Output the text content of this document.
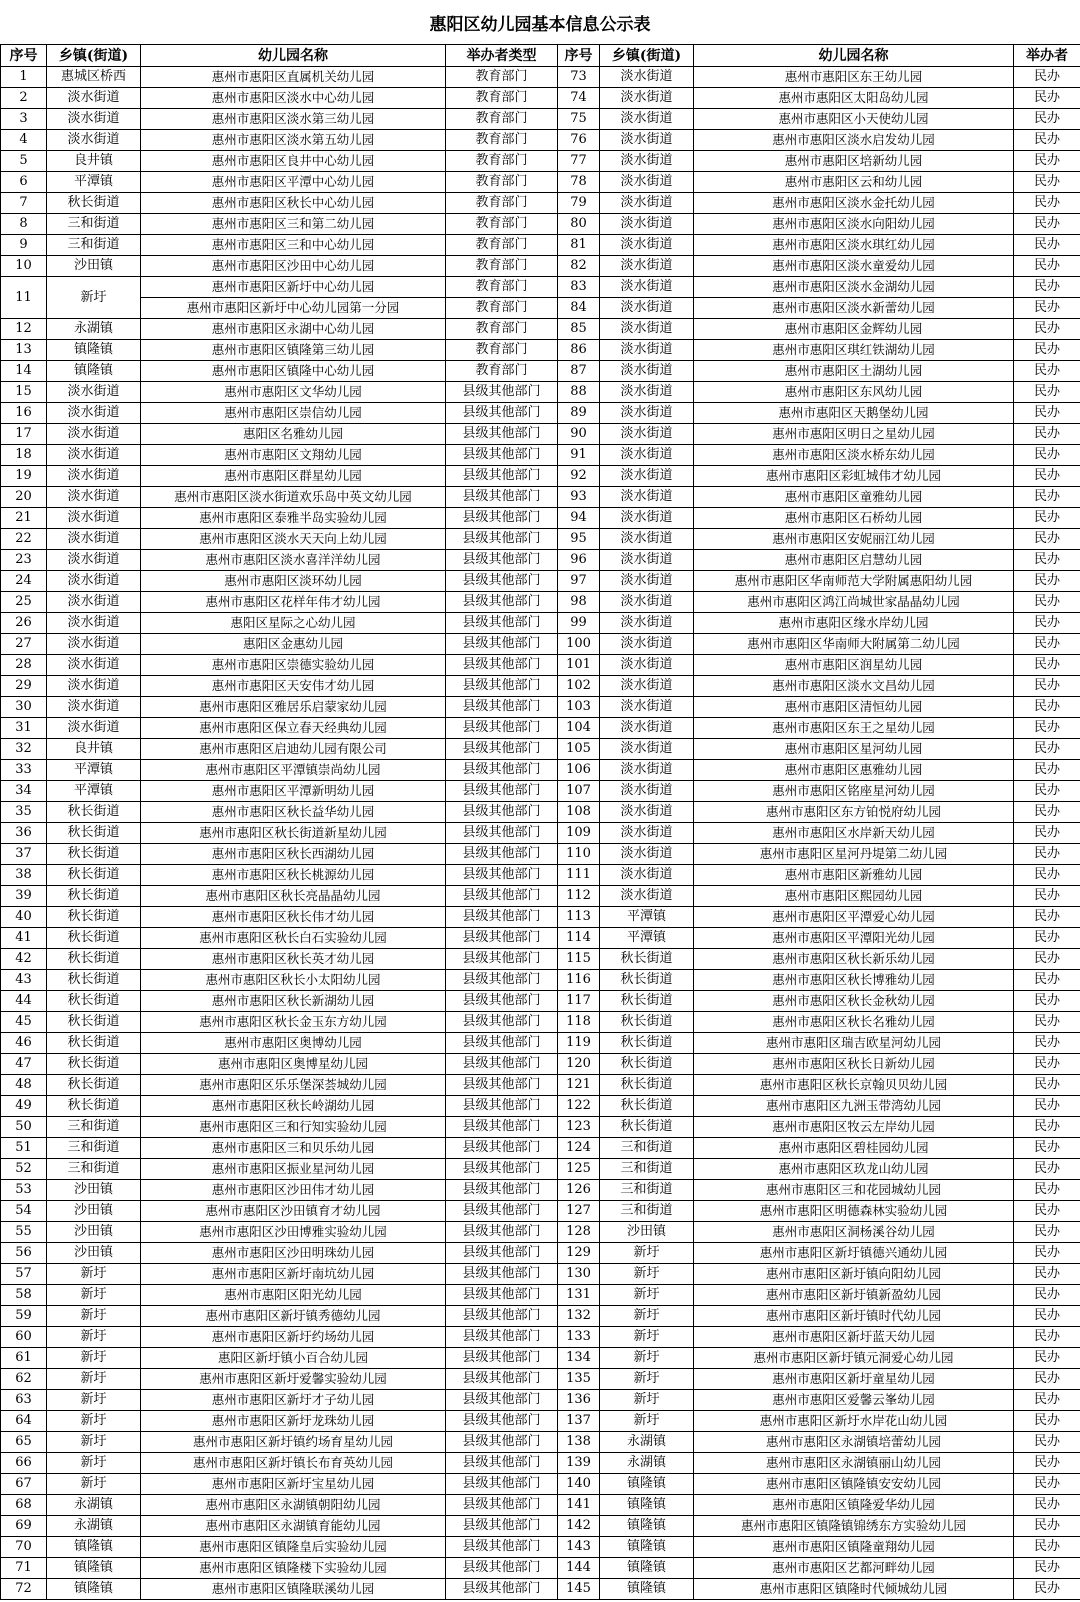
惠阳区幼儿园基本信息公示表
序号	乡镇(街道)	幼儿园名称	举办者类型	序号	乡镇(街道)	幼儿园名称	举办者
1	惠城区桥西	惠州市惠阳区直属机关幼儿园	教育部门	73	淡水街道	惠州市惠阳区东王幼儿园	民办
2	淡水街道	惠州市惠阳区淡水中心幼儿园	教育部门	74	淡水街道	惠州市惠阳区太阳岛幼儿园	民办
3	淡水街道	惠州市惠阳区淡水第三幼儿园	教育部门	75	淡水街道	惠州市惠阳区小天使幼儿园	民办
4	淡水街道	惠州市惠阳区淡水第五幼儿园	教育部门	76	淡水街道	惠州市惠阳区淡水启发幼儿园	民办
5	良井镇	惠州市惠阳区良井中心幼儿园	教育部门	77	淡水街道	惠州市惠阳区培新幼儿园	民办
6	平潭镇	惠州市惠阳区平潭中心幼儿园	教育部门	78	淡水街道	惠州市惠阳区云和幼儿园	民办
7	秋长街道	惠州市惠阳区秋长中心幼儿园	教育部门	79	淡水街道	惠州市惠阳区淡水金托幼儿园	民办
8	三和街道	惠州市惠阳区三和第二幼儿园	教育部门	80	淡水街道	惠州市惠阳区淡水向阳幼儿园	民办
9	三和街道	惠州市惠阳区三和中心幼儿园	教育部门	81	淡水街道	惠州市惠阳区淡水琪红幼儿园	民办
10	沙田镇	惠州市惠阳区沙田中心幼儿园	教育部门	82	淡水街道	惠州市惠阳区淡水童爱幼儿园	民办
11	新圩	惠州市惠阳区新圩中心幼儿园	教育部门	83	淡水街道	惠州市惠阳区淡水金湖幼儿园	民办
		惠州市惠阳区新圩中心幼儿园第一分园	教育部门	84	淡水街道	惠州市惠阳区淡水新蕾幼儿园	民办
12	永湖镇	惠州市惠阳区永湖中心幼儿园	教育部门	85	淡水街道	惠州市惠阳区金辉幼儿园	民办
13	镇隆镇	惠州市惠阳区镇隆第三幼儿园	教育部门	86	淡水街道	惠州市惠阳区琪红铁湖幼儿园	民办
14	镇隆镇	惠州市惠阳区镇隆中心幼儿园	教育部门	87	淡水街道	惠州市惠阳区土湖幼儿园	民办
15	淡水街道	惠州市惠阳区文华幼儿园	县级其他部门	88	淡水街道	惠州市惠阳区东风幼儿园	民办
16	淡水街道	惠州市惠阳区崇信幼儿园	县级其他部门	89	淡水街道	惠州市惠阳区天鹅堡幼儿园	民办
17	淡水街道	惠阳区名雅幼儿园	县级其他部门	90	淡水街道	惠州市惠阳区明日之星幼儿园	民办
18	淡水街道	惠州市惠阳区文翔幼儿园	县级其他部门	91	淡水街道	惠州市惠阳区淡水桥东幼儿园	民办
19	淡水街道	惠州市惠阳区群星幼儿园	县级其他部门	92	淡水街道	惠州市惠阳区彩虹城伟才幼儿园	民办
20	淡水街道	惠州市惠阳区淡水街道欢乐岛中英文幼儿园	县级其他部门	93	淡水街道	惠州市惠阳区童雅幼儿园	民办
21	淡水街道	惠州市惠阳区泰雅半岛实验幼儿园	县级其他部门	94	淡水街道	惠州市惠阳区石桥幼儿园	民办
22	淡水街道	惠州市惠阳区淡水天天向上幼儿园	县级其他部门	95	淡水街道	惠州市惠阳区安妮丽江幼儿园	民办
23	淡水街道	惠州市惠阳区淡水喜洋洋幼儿园	县级其他部门	96	淡水街道	惠州市惠阳区启慧幼儿园	民办
24	淡水街道	惠州市惠阳区淡环幼儿园	县级其他部门	97	淡水街道	惠州市惠阳区华南师范大学附属惠阳幼儿园	民办
25	淡水街道	惠州市惠阳区花样年伟才幼儿园	县级其他部门	98	淡水街道	惠州市惠阳区鸿江尚城世家晶晶幼儿园	民办
26	淡水街道	惠阳区星际之心幼儿园	县级其他部门	99	淡水街道	惠州市惠阳区缘水岸幼儿园	民办
27	淡水街道	惠阳区金惠幼儿园	县级其他部门	100	淡水街道	惠州市惠阳区华南师大附属第二幼儿园	民办
28	淡水街道	惠州市惠阳区崇德实验幼儿园	县级其他部门	101	淡水街道	惠州市惠阳区润星幼儿园	民办
29	淡水街道	惠州市惠阳区天安伟才幼儿园	县级其他部门	102	淡水街道	惠州市惠阳区淡水文昌幼儿园	民办
30	淡水街道	惠州市惠阳区雅居乐启蒙家幼儿园	县级其他部门	103	淡水街道	惠州市惠阳区清恒幼儿园	民办
31	淡水街道	惠州市惠阳区保立春天经典幼儿园	县级其他部门	104	淡水街道	惠州市惠阳区东王之星幼儿园	民办
32	良井镇	惠州市惠阳区启迪幼儿园有限公司	县级其他部门	105	淡水街道	惠州市惠阳区星河幼儿园	民办
33	平潭镇	惠州市惠阳区平潭镇崇尚幼儿园	县级其他部门	106	淡水街道	惠州市惠阳区惠雅幼儿园	民办
34	平潭镇	惠州市惠阳区平潭新明幼儿园	县级其他部门	107	淡水街道	惠州市惠阳区铭座星河幼儿园	民办
35	秋长街道	惠州市惠阳区秋长益华幼儿园	县级其他部门	108	淡水街道	惠州市惠阳区东方铂悦府幼儿园	民办
36	秋长街道	惠州市惠阳区秋长街道新星幼儿园	县级其他部门	109	淡水街道	惠州市惠阳区水岸新天幼儿园	民办
37	秋长街道	惠州市惠阳区秋长西湖幼儿园	县级其他部门	110	淡水街道	惠州市惠阳区星河丹堤第二幼儿园	民办
38	秋长街道	惠州市惠阳区秋长桃源幼儿园	县级其他部门	111	淡水街道	惠州市惠阳区新雅幼儿园	民办
39	秋长街道	惠州市惠阳区秋长亮晶晶幼儿园	县级其他部门	112	淡水街道	惠州市惠阳区熙园幼儿园	民办
40	秋长街道	惠州市惠阳区秋长伟才幼儿园	县级其他部门	113	平潭镇	惠州市惠阳区平潭爱心幼儿园	民办
41	秋长街道	惠州市惠阳区秋长白石实验幼儿园	县级其他部门	114	平潭镇	惠州市惠阳区平潭阳光幼儿园	民办
42	秋长街道	惠州市惠阳区秋长英才幼儿园	县级其他部门	115	秋长街道	惠州市惠阳区秋长新乐幼儿园	民办
43	秋长街道	惠州市惠阳区秋长小太阳幼儿园	县级其他部门	116	秋长街道	惠州市惠阳区秋长博雅幼儿园	民办
44	秋长街道	惠州市惠阳区秋长新湖幼儿园	县级其他部门	117	秋长街道	惠州市惠阳区秋长金秋幼儿园	民办
45	秋长街道	惠州市惠阳区秋长金玉东方幼儿园	县级其他部门	118	秋长街道	惠州市惠阳区秋长名雅幼儿园	民办
46	秋长街道	惠州市惠阳区奥博幼儿园	县级其他部门	119	秋长街道	惠州市惠阳区瑞吉欧星河幼儿园	民办
47	秋长街道	惠州市惠阳区奥博星幼儿园	县级其他部门	120	秋长街道	惠州市惠阳区秋长日新幼儿园	民办
48	秋长街道	惠州市惠阳区乐乐堡深荟城幼儿园	县级其他部门	121	秋长街道	惠州市惠阳区秋长京翰贝贝幼儿园	民办
49	秋长街道	惠州市惠阳区秋长岭湖幼儿园	县级其他部门	122	秋长街道	惠州市惠阳区九洲玉带湾幼儿园	民办
50	三和街道	惠州市惠阳区三和行知实验幼儿园	县级其他部门	123	秋长街道	惠州市惠阳区牧云左岸幼儿园	民办
51	三和街道	惠州市惠阳区三和贝乐幼儿园	县级其他部门	124	三和街道	惠州市惠阳区碧桂园幼儿园	民办
52	三和街道	惠州市惠阳区振业星河幼儿园	县级其他部门	125	三和街道	惠州市惠阳区玖龙山幼儿园	民办
53	沙田镇	惠州市惠阳区沙田伟才幼儿园	县级其他部门	126	三和街道	惠州市惠阳区三和花园城幼儿园	民办
54	沙田镇	惠州市惠阳区沙田镇育才幼儿园	县级其他部门	127	三和街道	惠州市惠阳区明德森林实验幼儿园	民办
55	沙田镇	惠州市惠阳区沙田博雅实验幼儿园	县级其他部门	128	沙田镇	惠州市惠阳区洞杨溪谷幼儿园	民办
56	沙田镇	惠州市惠阳区沙田明珠幼儿园	县级其他部门	129	新圩	惠州市惠阳区新圩镇德兴通幼儿园	民办
57	新圩	惠州市惠阳区新圩南坑幼儿园	县级其他部门	130	新圩	惠州市惠阳区新圩镇向阳幼儿园	民办
58	新圩	惠州市惠阳区阳光幼儿园	县级其他部门	131	新圩	惠州市惠阳区新圩镇新盈幼儿园	民办
59	新圩	惠州市惠阳区新圩镇秀德幼儿园	县级其他部门	132	新圩	惠州市惠阳区新圩镇时代幼儿园	民办
60	新圩	惠州市惠阳区新圩约场幼儿园	县级其他部门	133	新圩	惠州市惠阳区新圩蓝天幼儿园	民办
61	新圩	惠阳区新圩镇小百合幼儿园	县级其他部门	134	新圩	惠州市惠阳区新圩镇元洞爱心幼儿园	民办
62	新圩	惠州市惠阳区新圩爱馨实验幼儿园	县级其他部门	135	新圩	惠州市惠阳区新圩童星幼儿园	民办
63	新圩	惠州市惠阳区新圩才子幼儿园	县级其他部门	136	新圩	惠州市惠阳区爱馨云峯幼儿园	民办
64	新圩	惠州市惠阳区新圩龙珠幼儿园	县级其他部门	137	新圩	惠州市惠阳区新圩水岸花山幼儿园	民办
65	新圩	惠州市惠阳区新圩镇约场育星幼儿园	县级其他部门	138	永湖镇	惠州市惠阳区永湖镇培蕾幼儿园	民办
66	新圩	惠州市惠阳区新圩镇长布育英幼儿园	县级其他部门	139	永湖镇	惠州市惠阳区永湖镇丽山幼儿园	民办
67	新圩	惠州市惠阳区新圩宝星幼儿园	县级其他部门	140	镇隆镇	惠州市惠阳区镇隆镇安安幼儿园	民办
68	永湖镇	惠州市惠阳区永湖镇朝阳幼儿园	县级其他部门	141	镇隆镇	惠州市惠阳区镇隆爱华幼儿园	民办
69	永湖镇	惠州市惠阳区永湖镇育能幼儿园	县级其他部门	142	镇隆镇	惠州市惠阳区镇隆镇锦绣东方实验幼儿园	民办
70	镇隆镇	惠州市惠阳区镇隆皇后实验幼儿园	县级其他部门	143	镇隆镇	惠州市惠阳区镇隆童翔幼儿园	民办
71	镇隆镇	惠州市惠阳区镇隆楼下实验幼儿园	县级其他部门	144	镇隆镇	惠州市惠阳区艺都河畔幼儿园	民办
72	镇隆镇	惠州市惠阳区镇隆联溪幼儿园	县级其他部门	145	镇隆镇	惠州市惠阳区镇隆时代倾城幼儿园	民办
